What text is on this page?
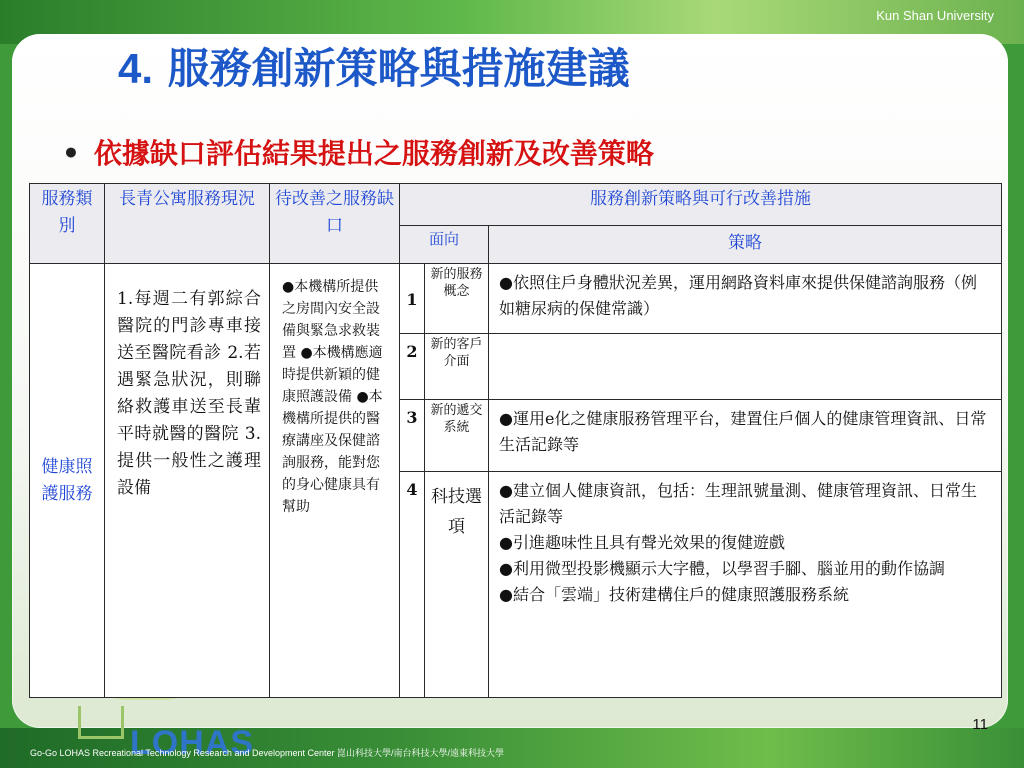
Kun Shan University
LOHAS
4. 服務創新策略與措施建議
• 依據缺口評估結果提出之服務創新及改善策略
服務類別	長青公寓服務現況	待改善之服務缺口	服務創新策略與可行改善措施		
			面向		策略
健康照護服務	1.每週二有郭綜合醫院的門診專車接送至醫院看診 2.若遇緊急狀況，則聯絡救護車送至長輩平時就醫的醫院 3.提供一般性之護理設備	●本機構所提供之房間內安全設備與緊急求救裝置 ●本機構應適時提供新穎的健康照護設備 ●本機構所提供的醫療講座及保健諮詢服務，能對您的身心健康具有幫助	1	新的服務概念	●依照住戶身體狀況差異，運用網路資料庫來提供保健諮詢服務（例如糖尿病的保健常識）
			2	新的客戶介面	
			3	新的遞交系統	●運用e化之健康服務管理平台，建置住戶個人的健康管理資訊、日常生活記錄等
			4	科技選項	●建立個人健康資訊，包括：生理訊號量測、健康管理資訊、日常生活記錄等

●引進趣味性且具有聲光效果的復健遊戲

●利用微型投影機顯示大字體，以學習手腳、腦並用的動作協調

●結合「雲端」技術建構住戶的健康照護服務系統

11
Go-Go LOHAS Recreational Technology Research and Development Center 崑山科技大學/南台科技大學/遠東科技大學
